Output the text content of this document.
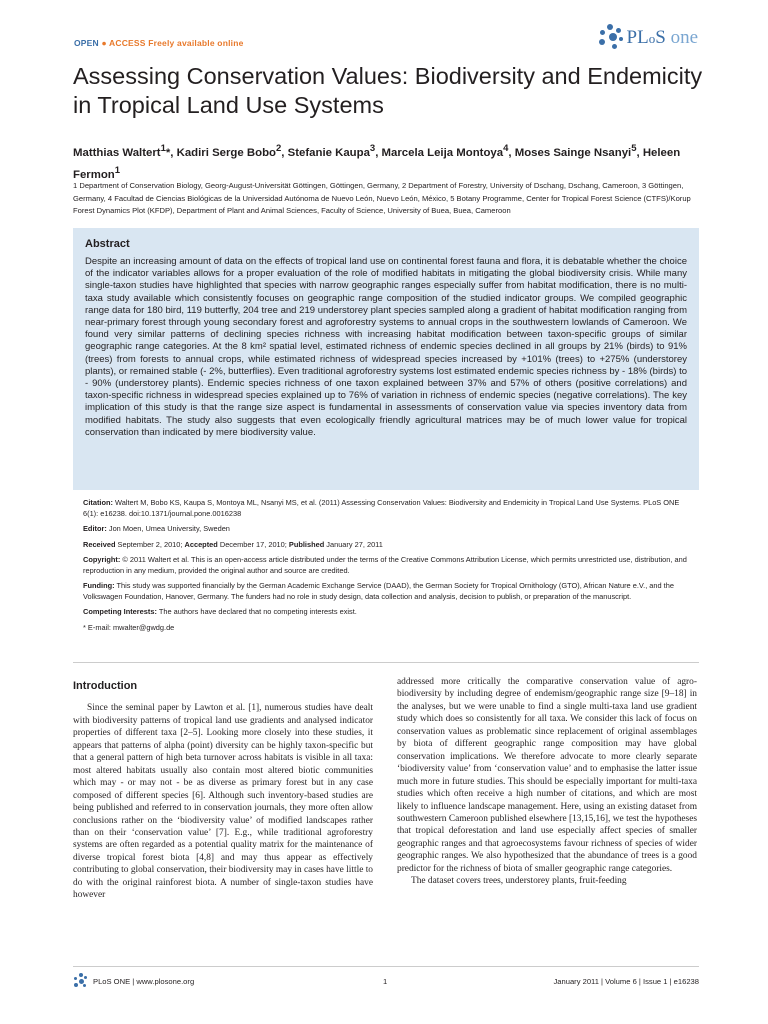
OPEN ● ACCESS Freely available online	PLoS one
Assessing Conservation Values: Biodiversity and Endemicity in Tropical Land Use Systems
Matthias Waltert$^1$*, Kadiri Serge Bobo$^2$, Stefanie Kaupa$^3$, Marcela Leija Montoya$^4$, Moses Sainge Nsanyi$^5$, Heleen Fermon$^1$
1 Department of Conservation Biology, Georg-August-Universität Göttingen, Göttingen, Germany, 2 Department of Forestry, University of Dschang, Dschang, Cameroon, 3 Göttingen, Germany, 4 Facultad de Ciencias Biológicas de la Universidad Autónoma de Nuevo León, Nuevo León, México, 5 Botany Programme, Center for Tropical Forest Science (CTFS)/Korup Forest Dynamics Plot (KFDP), Department of Plant and Animal Sciences, Faculty of Science, University of Buea, Buea, Cameroon
Abstract

Despite an increasing amount of data on the effects of tropical land use on continental forest fauna and flora, it is debatable whether the choice of the indicator variables allows for a proper evaluation of the role of modified habitats in mitigating the global biodiversity crisis. While many single-taxon studies have highlighted that species with narrow geographic ranges especially suffer from habitat modification, there is no multi-taxa study available which consistently focuses on geographic range composition of the studied indicator groups. We compiled geographic range data for 180 bird, 119 butterfly, 204 tree and 219 understorey plant species sampled along a gradient of habitat modification ranging from near-primary forest through young secondary forest and agroforestry systems to annual crops in the southwestern lowlands of Cameroon. We found very similar patterns of declining species richness with increasing habitat modification between taxon-specific groups of similar geographic range categories. At the 8 km² spatial level, estimated richness of endemic species declined in all groups by 21% (birds) to 91% (trees) from forests to annual crops, while estimated richness of widespread species increased by +101% (trees) to +275% (understorey plants), or remained stable (- 2%, butterflies). Even traditional agroforestry systems lost estimated endemic species richness by - 18% (birds) to - 90% (understorey plants). Endemic species richness of one taxon explained between 37% and 57% of others (positive correlations) and taxon-specific richness in widespread species explained up to 76% of variation in richness of endemic species (negative correlations). The key implication of this study is that the range size aspect is fundamental in assessments of conservation value via species inventory data from modified habitats. The study also suggests that even ecologically friendly agricultural matrices may be of much lower value for tropical conservation than indicated by mere biodiversity value.

Citation: Waltert M, Bobo KS, Kaupa S, Montoya ML, Nsanyi MS, et al. (2011) Assessing Conservation Values: Biodiversity and Endemicity in Tropical Land Use Systems. PLoS ONE 6(1): e16238. doi:10.1371/journal.pone.0016238

Editor: Jon Moen, Umea University, Sweden

Received September 2, 2010; Accepted December 17, 2010; Published January 27, 2011

Copyright: © 2011 Waltert et al. This is an open-access article distributed under the terms of the Creative Commons Attribution License, which permits unrestricted use, distribution, and reproduction in any medium, provided the original author and source are credited.

Funding: This study was supported financially by the German Academic Exchange Service (DAAD), the German Society for Tropical Ornithology (GTO), African Nature e.V., and the Volkswagen Foundation, Hanover, Germany. The funders had no role in study design, data collection and analysis, decision to publish, or preparation of the manuscript.

Competing Interests: The authors have declared that no competing interests exist.

* E-mail: mwalter@gwdg.de

Introduction

Since the seminal paper by Lawton et al. [1], numerous studies have dealt with biodiversity patterns of tropical land use gradients and analysed indicator properties of different taxa [2–5]. Looking more closely into these studies, it appears that patterns of alpha (point) diversity can be highly taxon-specific but that a general pattern of high beta turnover across habitats is visible in all taxa: most altered habitats usually also contain most altered biotic communities which may - or may not - be as diverse as primary forest but in any case composed of different species [6]. Although such inventory-based studies are being published and referred to in conservation journals, they more often allow conclusions rather on the ‘biodiversity value’ of modified landscapes rather than on their ‘conservation value’ [7]. E.g., while traditional agroforestry systems are often regarded as a potential quality matrix for the maintenance of diverse tropical forest biota [4,8] and may thus appear as effectively contributing to global conservation, their biodiversity may in cases have little to do with the original rainforest biota. A number of single-taxon studies have however

addressed more critically the comparative conservation value of agro-biodiversity by including degree of endemism/geographic range size [9–18] in the analyses, but we were unable to find a single multi-taxa land use gradient study which does so consistently for all taxa. We consider this lack of focus on conservation values as problematic since replacement of original assemblages by biota of different geographic range composition may have global conservation implications. We therefore advocate to more clearly separate ‘biodiversity value’ from ‘conservation value’ and to emphasise the latter issue much more in future studies. This should be especially important for multi-taxa studies which often receive a high number of citations, and which are most likely to influence landscape management. Here, using an existing dataset from southwestern Cameroon published elsewhere [13,15,16], we test the hypotheses that tropical deforestation and land use especially affect species of smaller geographic ranges and that agroecosystems favour richness of species of wider geographic ranges. We also hypothesized that the abundance of trees is a good predictor for the richness of biota of smaller geographic range categories.

The dataset covers trees, understorey plants, fruit-feeding

PLoS ONE | www.plosone.org	1	January 2011 | Volume 6 | Issue 1 | e16238
